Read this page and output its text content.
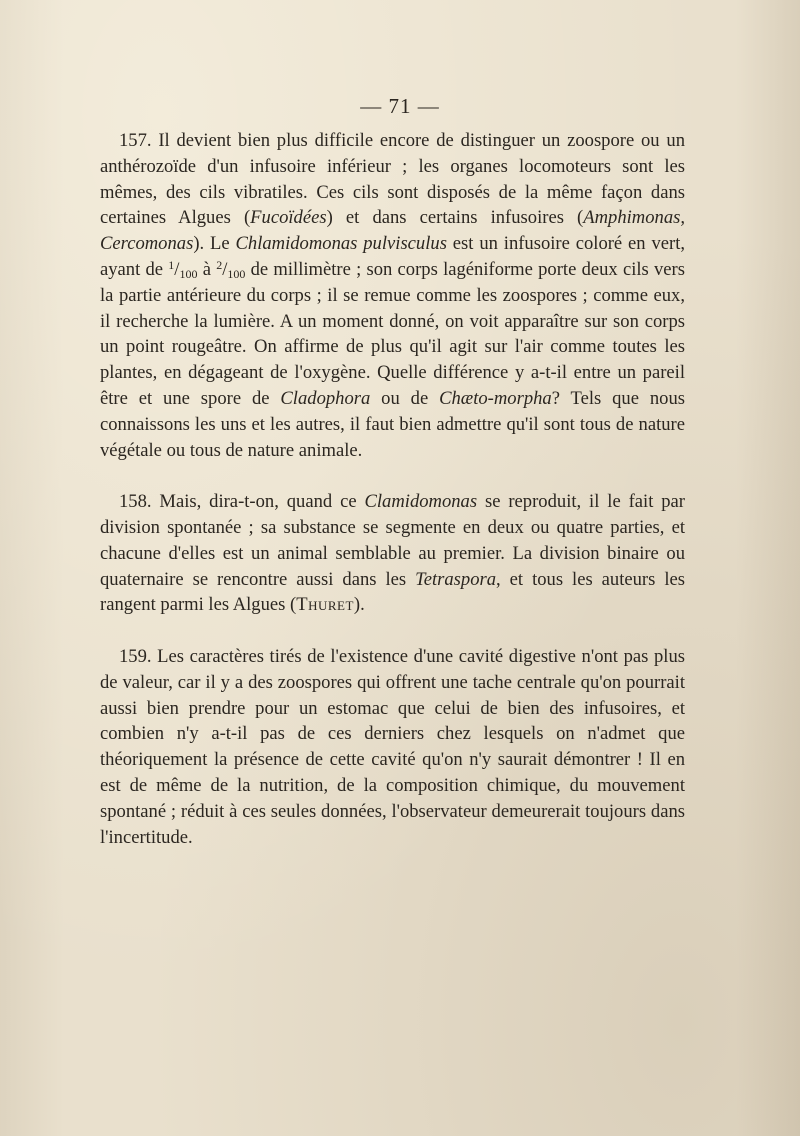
— 71 —

157. Il devient bien plus difficile encore de distinguer un zoospore ou un anthérozoïde d'un infusoire inférieur ; les organes locomoteurs sont les mêmes, des cils vibratiles. Ces cils sont disposés de la même façon dans certaines Algues (Fucoïdées) et dans certains infusoires (Amphimonas, Cercomonas). Le Chlamidomonas pulvisculus est un infusoire coloré en vert, ayant de $^1/_{100}$ à $^2/_{100}$ de millimètre ; son corps lagéniforme porte deux cils vers la partie antérieure du corps ; il se remue comme les zoospores ; comme eux, il recherche la lumière. A un moment donné, on voit apparaître sur son corps un point rougeâtre. On affirme de plus qu'il agit sur l'air comme toutes les plantes, en dégageant de l'oxygène. Quelle différence y a-t-il entre un pareil être et une spore de Cladophora ou de Chæto-morpha? Tels que nous connaissons les uns et les autres, il faut bien admettre qu'il sont tous de nature végétale ou tous de nature animale.

158. Mais, dira-t-on, quand ce Clamidomonas se reproduit, il le fait par division spontanée ; sa substance se segmente en deux ou quatre parties, et chacune d'elles est un animal semblable au premier. La division binaire ou quaternaire se rencontre aussi dans les Tetraspora, et tous les auteurs les rangent parmi les Algues (Thuret).

159. Les caractères tirés de l'existence d'une cavité digestive n'ont pas plus de valeur, car il y a des zoospores qui offrent une tache centrale qu'on pourrait aussi bien prendre pour un estomac que celui de bien des infusoires, et combien n'y a-t-il pas de ces derniers chez lesquels on n'admet que théoriquement la présence de cette cavité qu'on n'y saurait démontrer ! Il en est de même de la nutrition, de la composition chimique, du mouvement spontané ; réduit à ces seules données, l'observateur demeurerait toujours dans l'incertitude.
